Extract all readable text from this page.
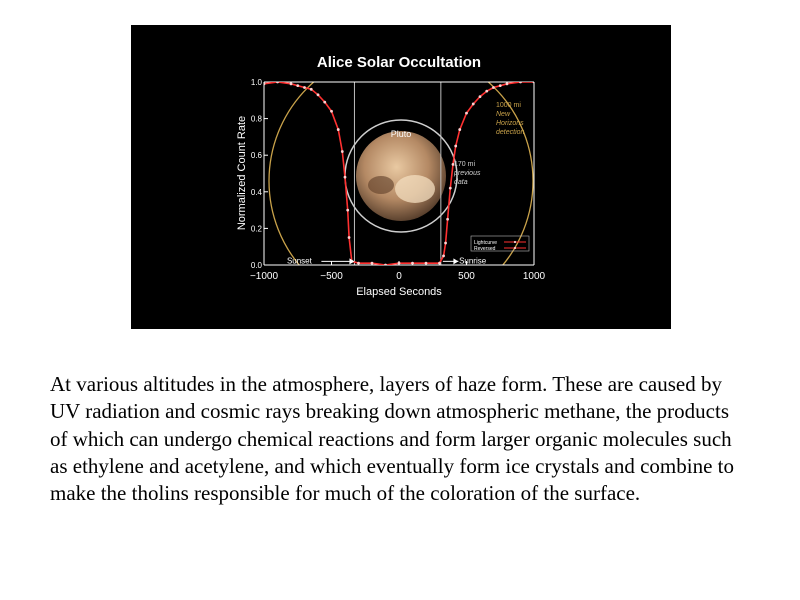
Alice Solar Occultation
Normalized Count Rate
Elapsed Seconds
−1000	−500	0	500	1000
0.0
0.2
0.4
0.6
0.8
1.0
Sunset	Sunrise
Pluto
1000 mi
New
Horizons
detection
170 mi
previous
data
Lightcurve
Reversed

At various altitudes in the atmosphere, layers of haze form. These are caused by UV radiation and cosmic rays breaking down atmospheric methane, the products of which can undergo chemical reactions and form larger organic molecules such as ethylene and acetylene, and which eventually form ice crystals and combine to make the tholins responsible for much of the coloration of the surface.
